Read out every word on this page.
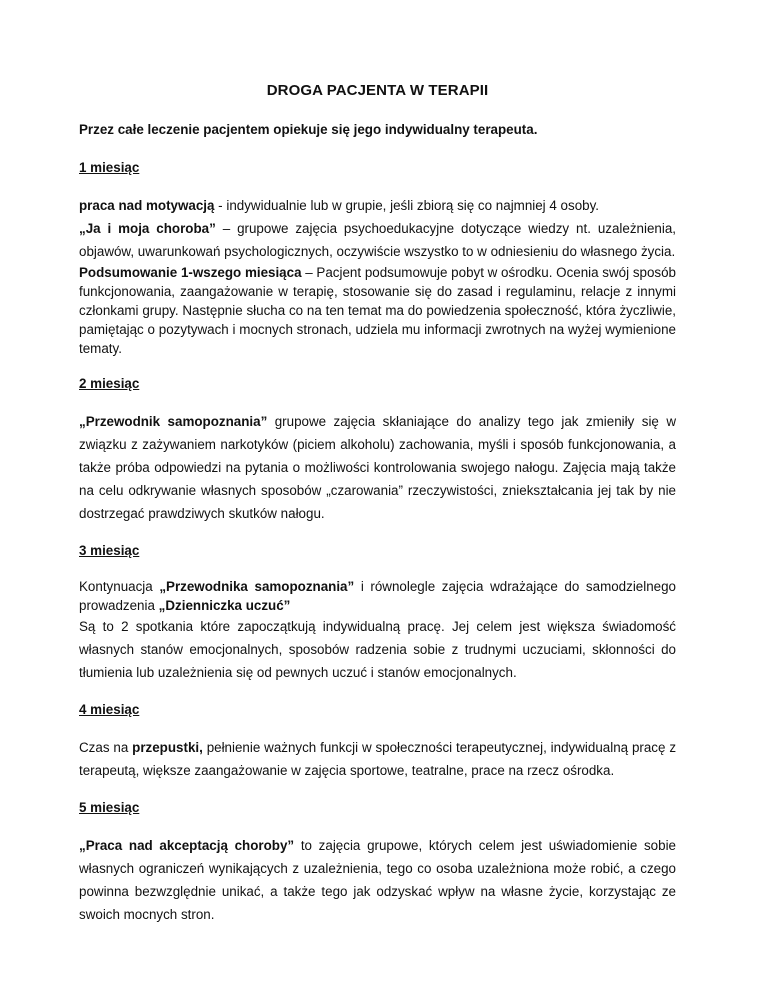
DROGA PACJENTA W TERAPII
Przez całe leczenie pacjentem opiekuje się jego indywidualny terapeuta.
1 miesiąc

praca nad motywacją - indywidualnie lub w grupie, jeśli zbiorą się co najmniej 4 osoby.

„Ja i moja choroba” – grupowe zajęcia psychoedukacyjne dotyczące wiedzy nt. uzależnienia, objawów, uwarunkowań psychologicznych, oczywiście wszystko to w odniesieniu do własnego życia.

Podsumowanie 1-wszego miesiąca – Pacjent podsumowuje pobyt w ośrodku. Ocenia swój sposób funkcjonowania, zaangażowanie w terapię, stosowanie się do zasad i regulaminu, relacje z innymi członkami grupy. Następnie słucha co na ten temat ma do powiedzenia społeczność, która życzliwie, pamiętając o pozytywach i mocnych stronach, udziela mu informacji zwrotnych na wyżej wymienione tematy.

2 miesiąc

„Przewodnik samopoznania” grupowe zajęcia skłaniające do analizy tego jak zmieniły się w związku z zażywaniem narkotyków (piciem alkoholu) zachowania, myśli i sposób funkcjonowania, a także próba odpowiedzi na pytania o możliwości kontrolowania swojego nałogu. Zajęcia mają także na celu odkrywanie własnych sposobów „czarowania” rzeczywistości, zniekształcania jej tak by nie dostrzegać prawdziwych skutków nałogu.

3 miesiąc

Kontynuacja „Przewodnika samopoznania” i równolegle zajęcia wdrażające do samodzielnego prowadzenia „Dzienniczka uczuć”

Są to 2 spotkania które zapoczątkują indywidualną pracę. Jej celem jest większa świadomość własnych stanów emocjonalnych, sposobów radzenia sobie z trudnymi uczuciami, skłonności do tłumienia lub uzależnienia się od pewnych uczuć i stanów emocjonalnych.

4 miesiąc

Czas na przepustki, pełnienie ważnych funkcji w społeczności terapeutycznej, indywidualną pracę z terapeutą, większe zaangażowanie w zajęcia sportowe, teatralne, prace na rzecz ośrodka.

5 miesiąc

„Praca nad akceptacją choroby” to zajęcia grupowe, których celem jest uświadomienie sobie własnych ograniczeń wynikających z uzależnienia, tego co osoba uzależniona może robić, a czego powinna bezwzględnie unikać, a także tego jak odzyskać wpływ na własne życie, korzystając ze swoich mocnych stron.
